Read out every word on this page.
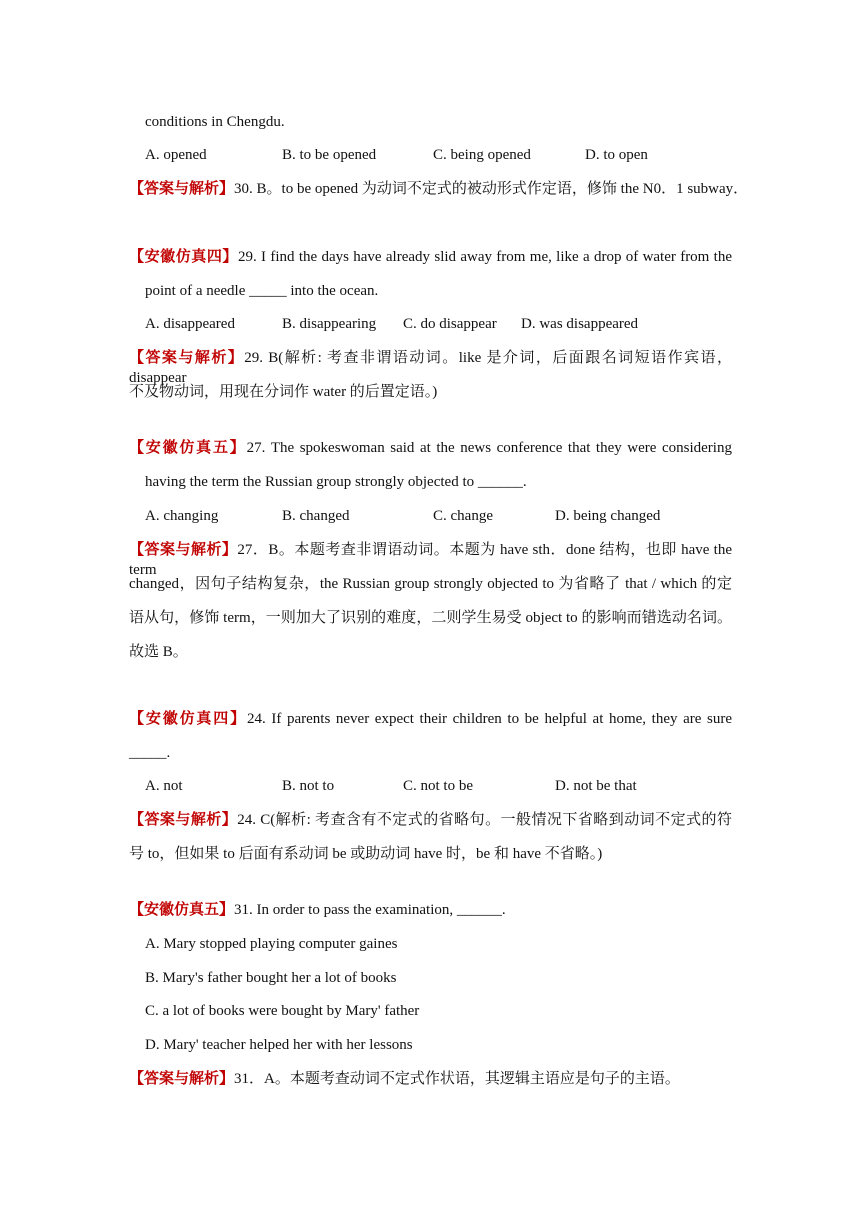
conditions in Chengdu.
A. opened	B. to be opened	C. being opened	D. to open
【答案与解析】30. B。to be opened 为动词不定式的被动形式作定语，修饰 the N0．1 subway．
【安徽仿真四】29. I find the days have already slid away from me, like a drop of water from the
point of a needle _____ into the ocean.
A. disappeared	B. disappearing C. do disappear D. was disappeared
【答案与解析】29. B(解析: 考查非谓语动词。like 是介词，后面跟名词短语作宾语，disappear
不及物动词，用现在分词作 water 的后置定语。)
【安徽仿真五】27. The spokeswoman said at the news conference that they were considering
having the term the Russian group strongly objected to ______.
A. changing	B. changed	C. change	D. being changed
【答案与解析】27．B。本题考查非谓语动词。本题为 have sth．done 结构，也即 have the term
changed，因句子结构复杂，the Russian group strongly objected to 为省略了 that / which 的定
语从句，修饰 term，一则加大了识别的难度，二则学生易受 object to 的影响而错选动名词。
故选 B。
【安徽仿真四】24. If parents never expect their children to be helpful at home, they are sure
_____.
A. not	B. not to	C. not to be	D. not be that
【答案与解析】24. C(解析: 考查含有不定式的省略句。一般情况下省略到动词不定式的符
号 to，但如果 to 后面有系动词 be 或助动词 have 时，be 和 have 不省略。)
【安徽仿真五】31. In order to pass the examination, ______.
A. Mary stopped playing computer gaines
B. Mary's father bought her a lot of books
C. a lot of books were bought by Mary' father
D. Mary' teacher helped her with her lessons
【答案与解析】31．A。本题考查动词不定式作状语，其逻辑主语应是句子的主语。
